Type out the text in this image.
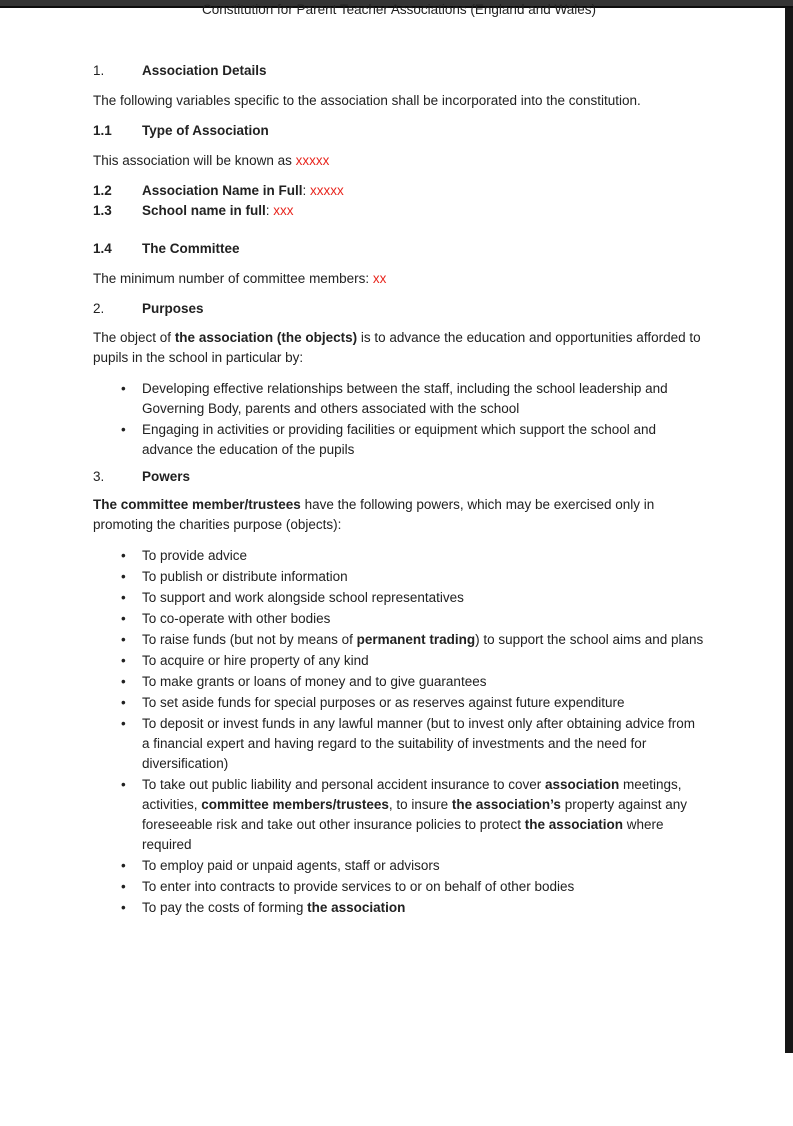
Constitution for Parent Teacher Associations (England and Wales)
1.	Association Details

The following variables specific to the association shall be incorporated into the constitution.

1.1	Type of Association

This association will be known as xxxxx

1.2	Association Name in Full: xxxxx
1.3	School name in full: xxx
1.4	The Committee

The minimum number of committee members: xx

2.	Purposes

The object of the association (the objects) is to advance the education and opportunities afforded to pupils in the school in particular by:

• Developing effective relationships between the staff, including the school leadership and Governing Body, parents and others associated with the school
• Engaging in activities or providing facilities or equipment which support the school and advance the education of the pupils
3.	Powers

The committee member/trustees have the following powers, which may be exercised only in promoting the charities purpose (objects):

• To provide advice
• To publish or distribute information
• To support and work alongside school representatives
• To co-operate with other bodies
• To raise funds (but not by means of permanent trading) to support the school aims and plans
• To acquire or hire property of any kind
• To make grants or loans of money and to give guarantees
• To set aside funds for special purposes or as reserves against future expenditure
• To deposit or invest funds in any lawful manner (but to invest only after obtaining advice from a financial expert and having regard to the suitability of investments and the need for diversification)
• To take out public liability and personal accident insurance to cover association meetings, activities, committee members/trustees, to insure the association’s property against any foreseeable risk and take out other insurance policies to protect the association where required
• To employ paid or unpaid agents, staff or advisors
• To enter into contracts to provide services to or on behalf of other bodies
• To pay the costs of forming the association
